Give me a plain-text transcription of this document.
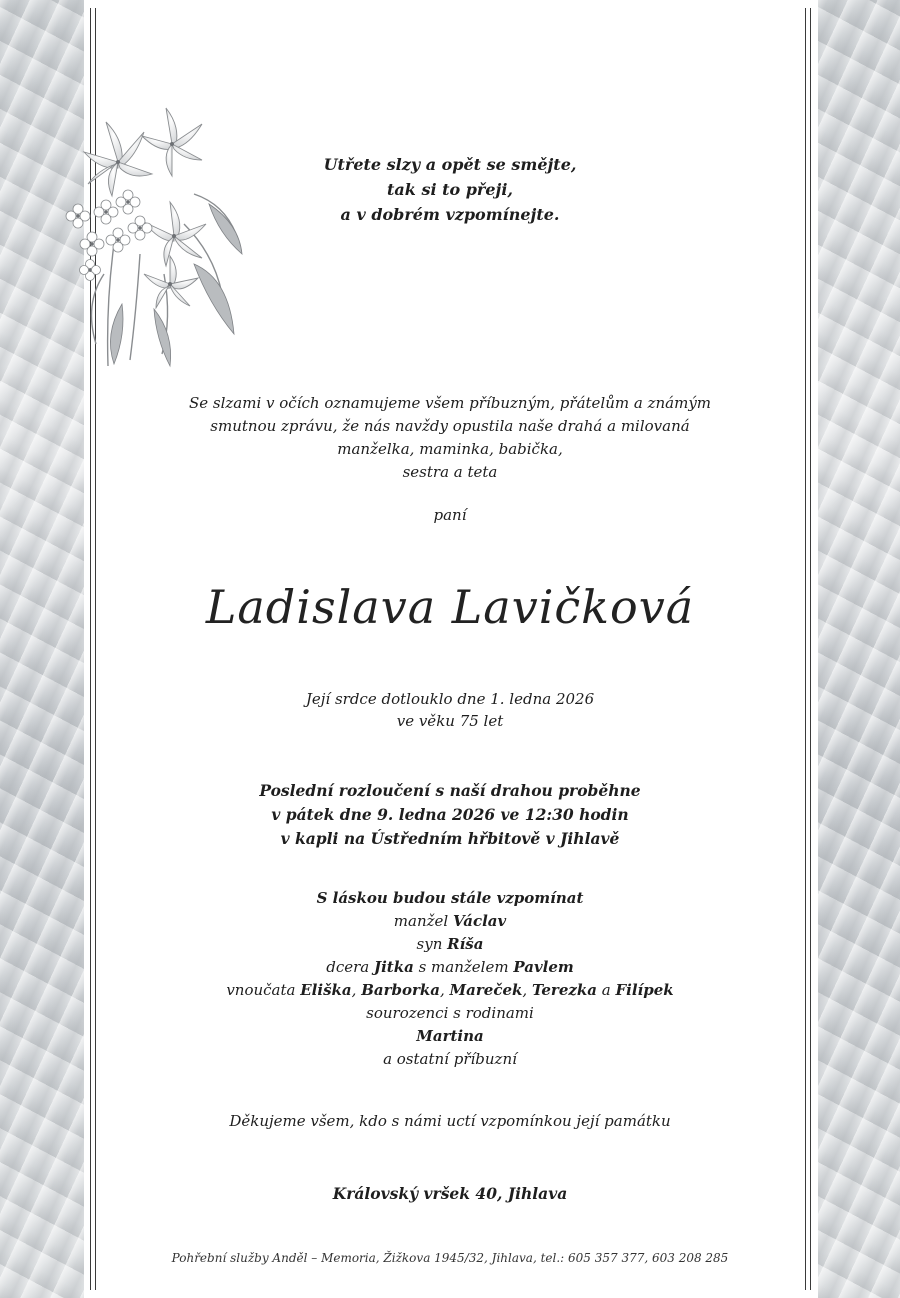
Utřete slzy a opět se smějte,
tak si to přeji,
a v dobrém vzpomínejte.
Se slzami v očích oznamujeme všem příbuzným, přátelům a známým
smutnou zprávu, že nás navždy opustila naše drahá a milovaná
manželka, maminka, babička,
sestra a teta
paní
Ladislava Lavičková
Její srdce dotlouklo dne 1. ledna 2026
ve věku 75 let
Poslední rozloučení s naší drahou proběhne
v pátek dne 9. ledna 2026 ve 12:30 hodin
v kapli na Ústředním hřbitově v Jihlavě
S láskou budou stále vzpomínat
manžel Václav
syn Ríša
dcera Jitka s manželem Pavlem
vnoučata Eliška, Barborka, Mareček, Terezka a Filípek
sourozenci s rodinami
Martina
a ostatní příbuzní
Děkujeme všem, kdo s námi uctí vzpomínkou její památku
Královský vršek 40, Jihlava
Pohřební služby Anděl – Memoria, Žižkova 1945/32, Jihlava, tel.: 605 357 377, 603 208 285
